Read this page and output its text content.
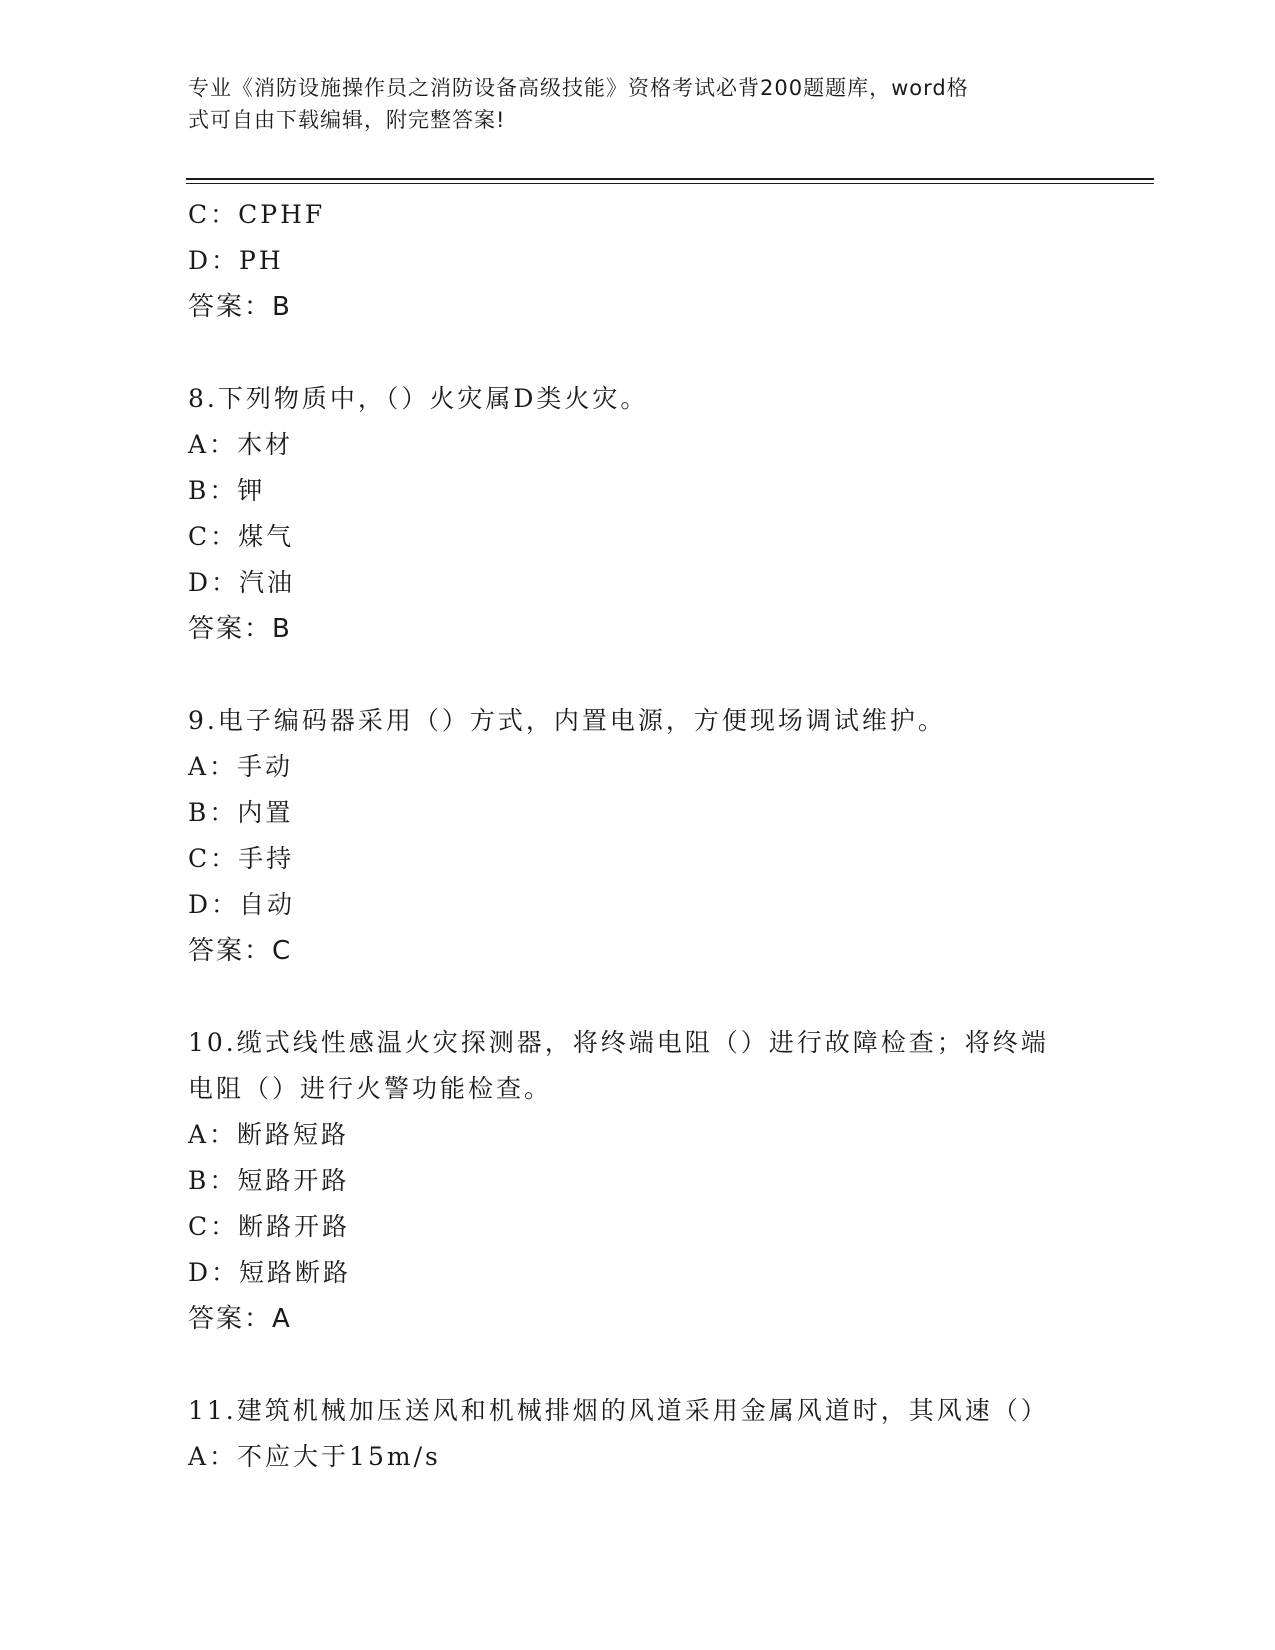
专业《消防设施操作员之消防设备高级技能》资格考试必背200题题库，word格
式可自由下载编辑，附完整答案!
C：CPHF
D：PH
答案：B
8.下列物质中，（）火灾属D类火灾。
A：木材
B：钾
C：煤气
D：汽油
答案：B
9.电子编码器采用（）方式，内置电源，方便现场调试维护。
A：手动
B：内置
C：手持
D：自动
答案：C
10.缆式线性感温火灾探测器，将终端电阻（）进行故障检查；将终端
电阻（）进行火警功能检查。
A：断路短路
B：短路开路
C：断路开路
D：短路断路
答案：A
11.建筑机械加压送风和机械排烟的风道采用金属风道时，其风速（）
A：不应大于15m/s
